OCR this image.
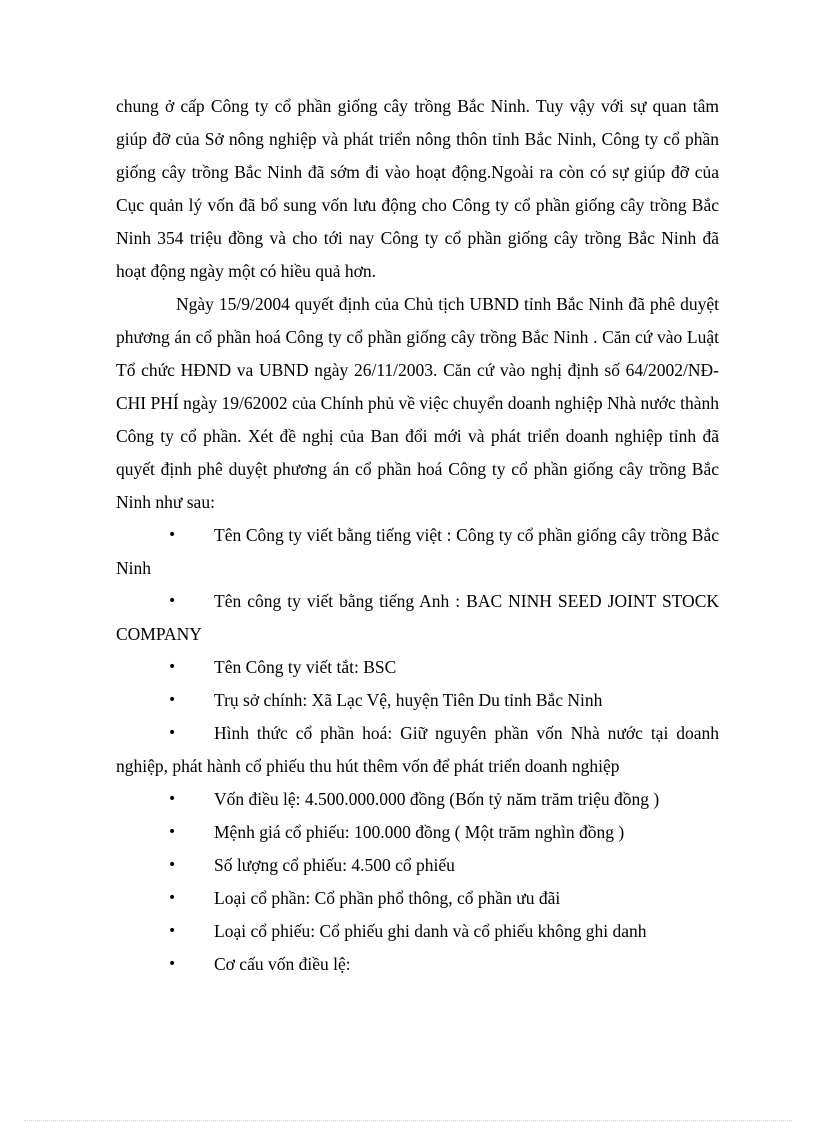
chung ở cấp Công ty cổ phần giống cây trồng Bắc Ninh. Tuy vậy với sự quan tâm giúp đỡ của Sở nông nghiệp và phát triển nông thôn tỉnh Bắc Ninh, Công ty cổ phần giống cây trồng Bắc Ninh đã sớm đi vào hoạt động.Ngoài ra còn có sự giúp đỡ của Cục quản lý vốn đã bổ sung vốn lưu động cho Công ty cổ phần giống cây trồng Bắc Ninh 354 triệu đồng và cho tới nay Công ty cổ phần giống cây trồng Bắc Ninh đã hoạt động ngày một có hiều quả hơn.

Ngày 15/9/2004 quyết định của Chủ tịch UBND tỉnh Bắc Ninh đã phê duyệt phương án cổ phần hoá Công ty cổ phần giống cây trồng Bắc Ninh . Căn cứ vào Luật Tổ chức HĐND va UBND ngày 26/11/2003. Căn cứ vào nghị định số 64/2002/NĐ-CHI PHÍ ngày 19/62002 của Chính phủ về việc chuyển doanh nghiệp Nhà nước thành Công ty cổ phần. Xét đề nghị của Ban đổi mới và phát triển doanh nghiệp tỉnh đã quyết định phê duyệt phương án cổ phần hoá Công ty cổ phần giống cây trồng Bắc Ninh như sau:

• Tên Công ty viết bằng tiếng việt : Công ty cổ phần giống cây trồng Bắc Ninh
• Tên công ty viết bằng tiếng Anh : BAC NINH SEED JOINT STOCK COMPANY
• Tên Công ty viết tắt: BSC
• Trụ sở chính: Xã Lạc Vệ, huyện Tiên Du tỉnh Bắc Ninh
• Hình thức cổ phần hoá: Giữ nguyên phần vốn Nhà nước tại doanh nghiệp, phát hành cổ phiếu thu hút thêm vốn để phát triển doanh nghiệp
• Vốn điều lệ: 4.500.000.000 đồng (Bốn tỷ năm trăm triệu đồng )
• Mệnh giá cổ phiếu: 100.000 đồng ( Một trăm nghìn đồng )
• Số lượng cổ phiếu: 4.500 cổ phiếu
• Loại cổ phần: Cổ phần phổ thông, cổ phần ưu đãi
• Loại cổ phiếu: Cổ phiếu ghi danh và cổ phiếu không ghi danh
• Cơ cấu vốn điều lệ:
